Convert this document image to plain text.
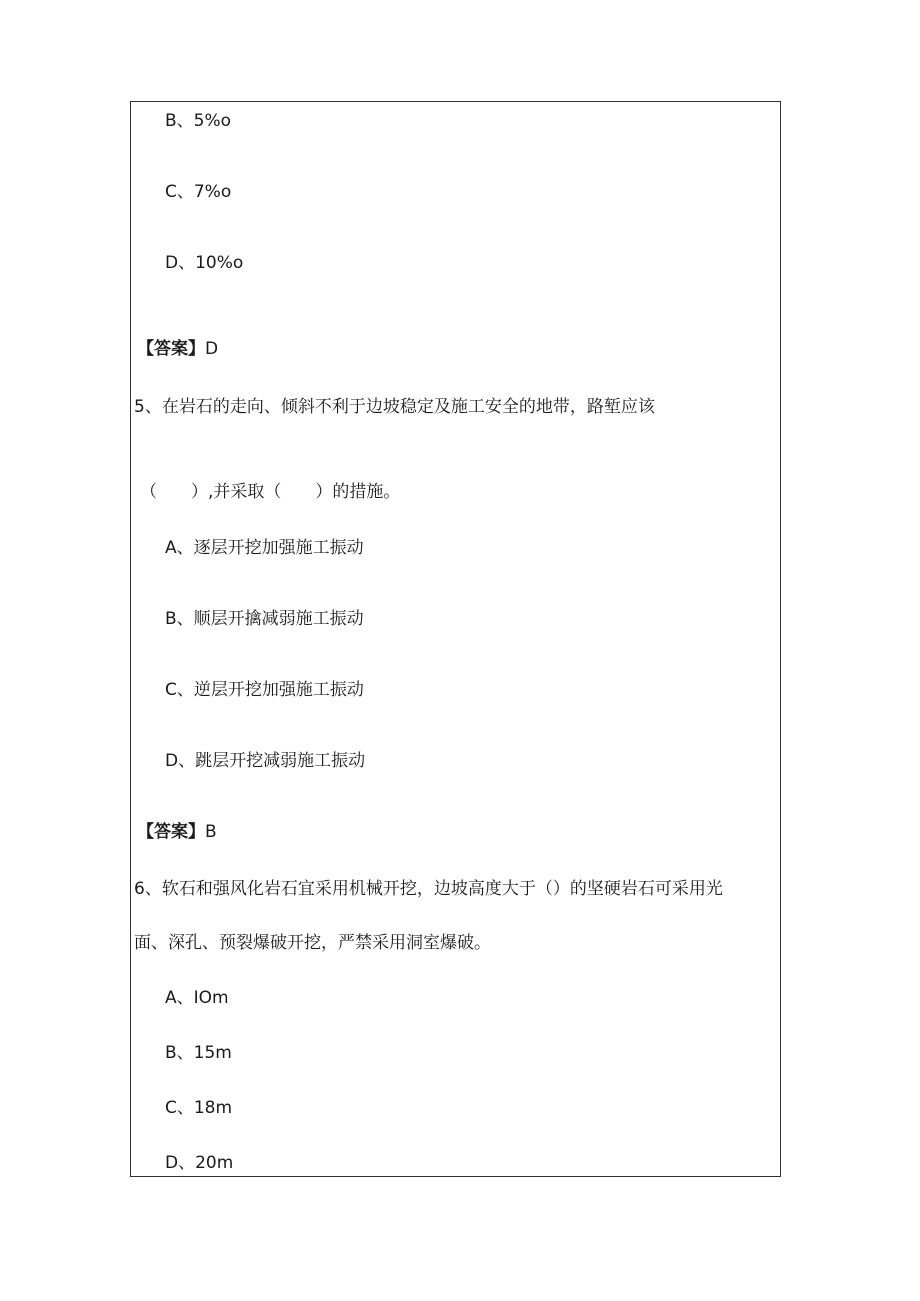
B、5%o
C、7%o
D、10%o
【答案】D
5、在岩石的走向、倾斜不利于边坡稳定及施工安全的地带，路堑应该
（　　）,并采取（　　）的措施。
A、逐层开挖加强施工振动
B、顺层开擒减弱施工振动
C、逆层开挖加强施工振动
D、跳层开挖减弱施工振动
【答案】B
6、软石和强风化岩石宜采用机械开挖，边坡高度大于（）的坚硬岩石可采用光
面、深孔、预裂爆破开挖，严禁采用洞室爆破。
A、IOm
B、15m
C、18m
D、20m
